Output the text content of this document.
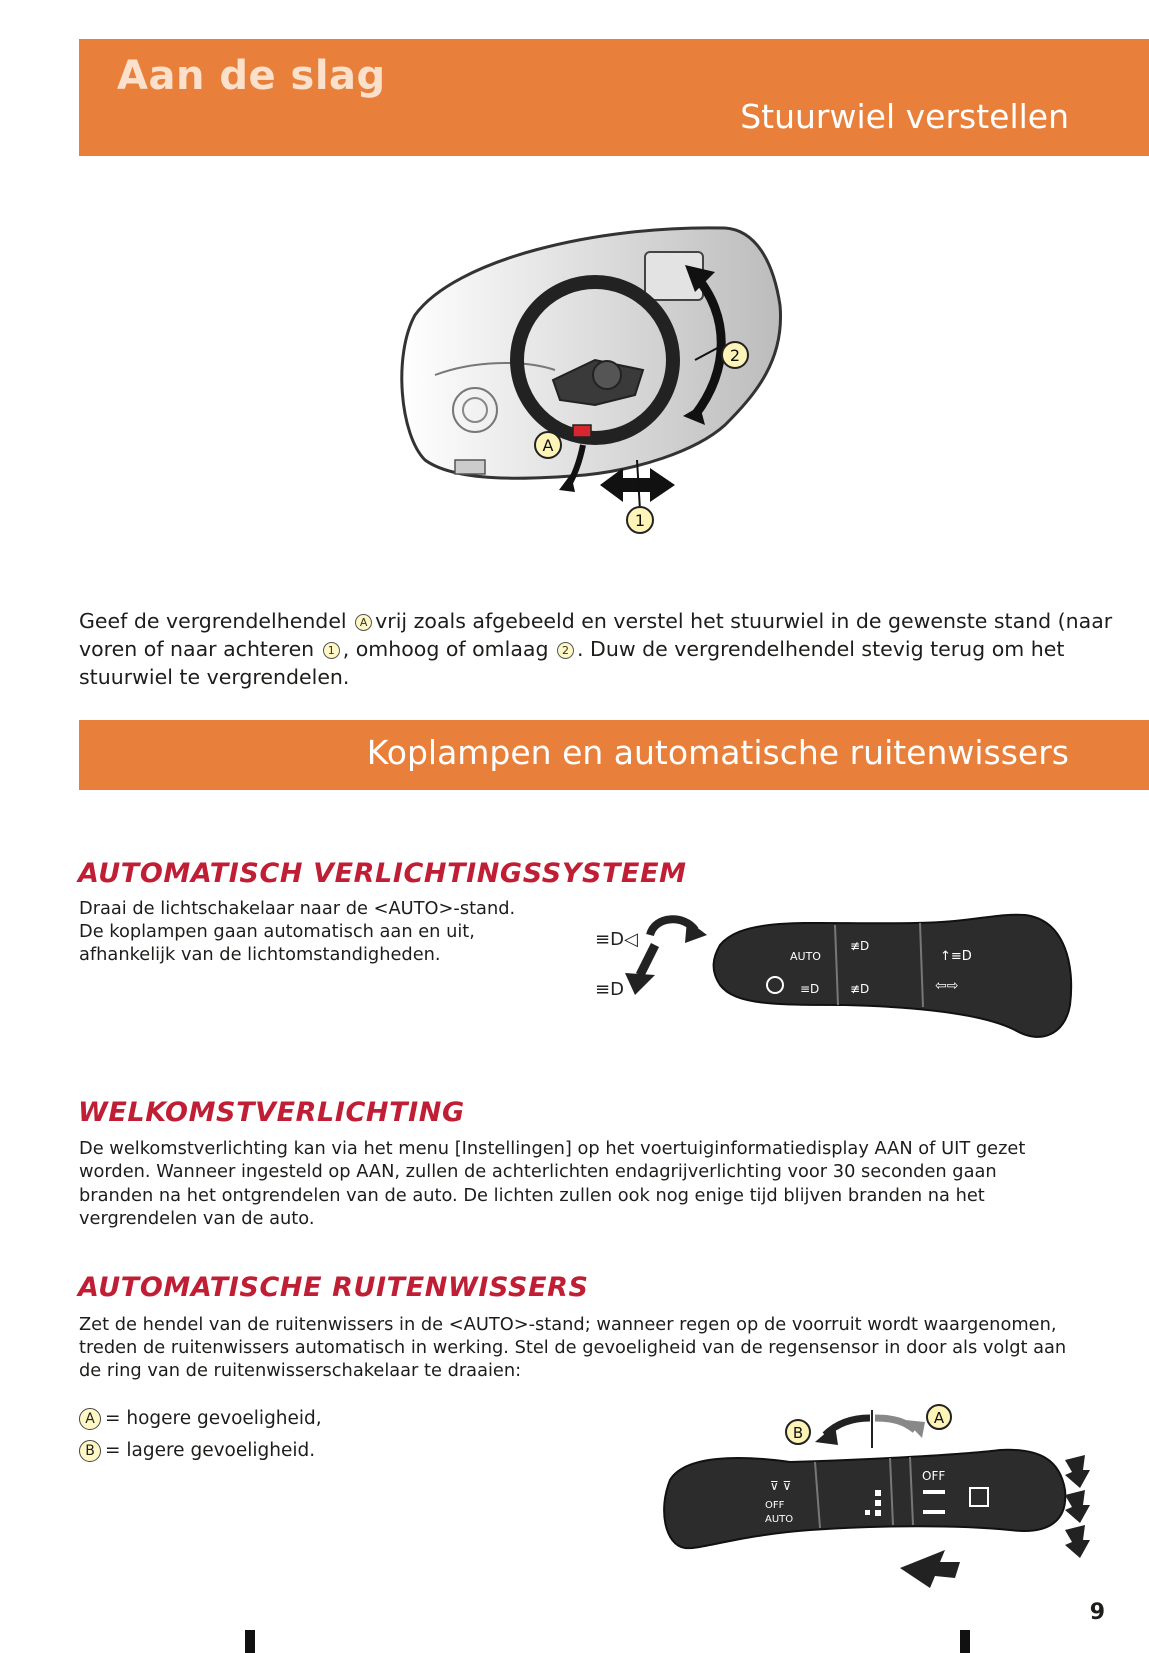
Aan de slag
Stuurwiel verstellen
A
1
2

Geef de vergrendelhendel A vrij zoals afgebeeld en verstel het stuurwiel in de gewenste stand (naar voren of naar achteren 1 , omhoog of omlaag 2 . Duw de vergrendelhendel stevig terug om het stuurwiel te vergrendelen.

Koplampen en automatische ruitenwissers
AUTOMATISCH VERLICHTINGSSYSTEEM

Draai de lichtschakelaar naar de <AUTO>-stand.

De koplampen gaan automatisch aan en uit,

afhankelijk van de lichtomstandigheden.

≡D◁
≡D
AUTO
≡D
≢D
≢D
↑≡D
⇦⇨
WELKOMSTVERLICHTING

De welkomstverlichting kan via het menu [Instellingen] op het voertuiginformatiedisplay AAN of UIT gezet

worden. Wanneer ingesteld op AAN, zullen de achterlichten endagrijverlichting voor 30 seconden gaan

branden na het ontgrendelen van de auto. De lichten zullen ook nog enige tijd blijven branden na het

vergrendelen van de auto.

AUTOMATISCHE RUITENWISSERS

Zet de hendel van de ruitenwissers in de <AUTO>-stand; wanneer regen op de voorruit wordt waargenomen,

treden de ruitenwissers automatisch in werking. Stel de gevoeligheid van de regensensor in door als volgt aan

de ring van de ruitenwisserschakelaar te draaien:

A = hogere gevoeligheid,
B = lagere gevoeligheid.
B
A
OFF
AUTO
OFF
⊽ ⊽
9
